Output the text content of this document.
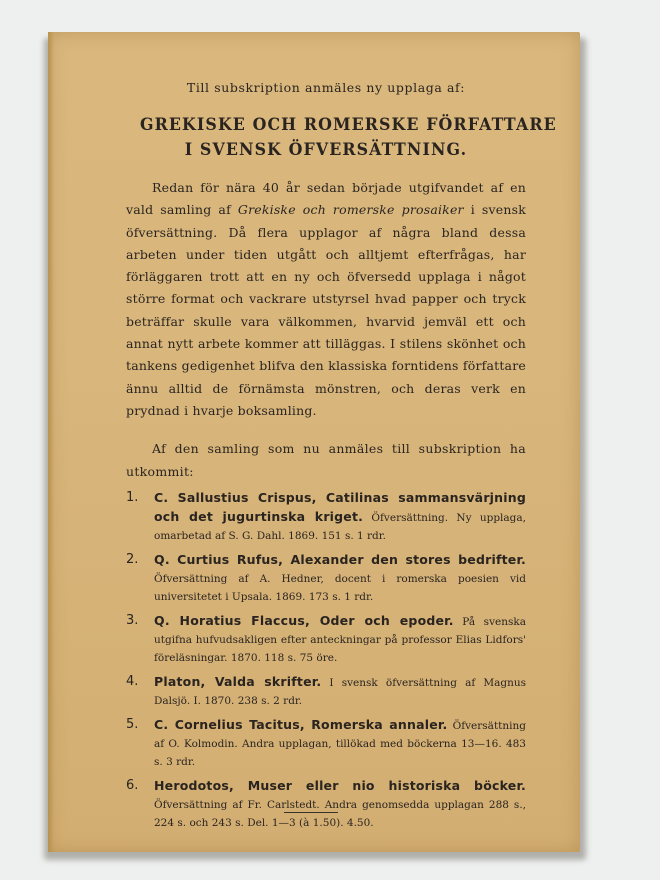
Till subskription anmäles ny upplaga af:

GREKISKE OCH ROMERSKE FÖRFATTARE

I SVENSK ÖFVERSÄTTNING.

Redan för nära 40 år sedan började utgifvandet af en vald samling af Grekiske och romerske prosaiker i svensk öfversättning. Då flera upplagor af några bland dessa arbeten under tiden utgått och alltjemt efterfrågas, har förläggaren trott att en ny och öfversedd upplaga i något större format och vackrare utstyrsel hvad papper och tryck beträffar skulle vara välkommen, hvarvid jemväl ett och annat nytt arbete kommer att tilläggas. I stilens skönhet och tankens gedigenhet blifva den klassiska forntidens författare ännu alltid de förnämsta mönstren, och deras verk en prydnad i hvarje boksamling.

Af den samling som nu anmäles till subskription ha utkommit:

1.	C. Sallustius Crispus, Catilinas sammansvärjning och det jugurtinska kriget. Öfversättning. Ny upplaga, omarbetad af S. G. Dahl. 1869. 151 s. 1 rdr.
2.	Q. Curtius Rufus, Alexander den stores bedrifter. Öfversättning af A. Hedner, docent i romerska poesien vid universitetet i Upsala. 1869. 173 s. 1 rdr.
3.	Q. Horatius Flaccus, Oder och epoder. På svenska utgifna hufvudsakligen efter anteckningar på professor Elias Lidfors' föreläsningar. 1870. 118 s. 75 öre.
4.	Platon, Valda skrifter. I svensk öfversättning af Magnus Dalsjö. I. 1870. 238 s. 2 rdr.
5.	C. Cornelius Tacitus, Romerska annaler. Öfversättning af O. Kolmodin. Andra upplagan, tillökad med böckerna 13—16. 483 s. 3 rdr.
6.	Herodotos, Muser eller nio historiska böcker. Öfversättning af Fr. Carlstedt. Andra genomsedda upplagan 288 s., 224 s. och 243 s. Del. 1—3 (à 1.50). 4.50.
